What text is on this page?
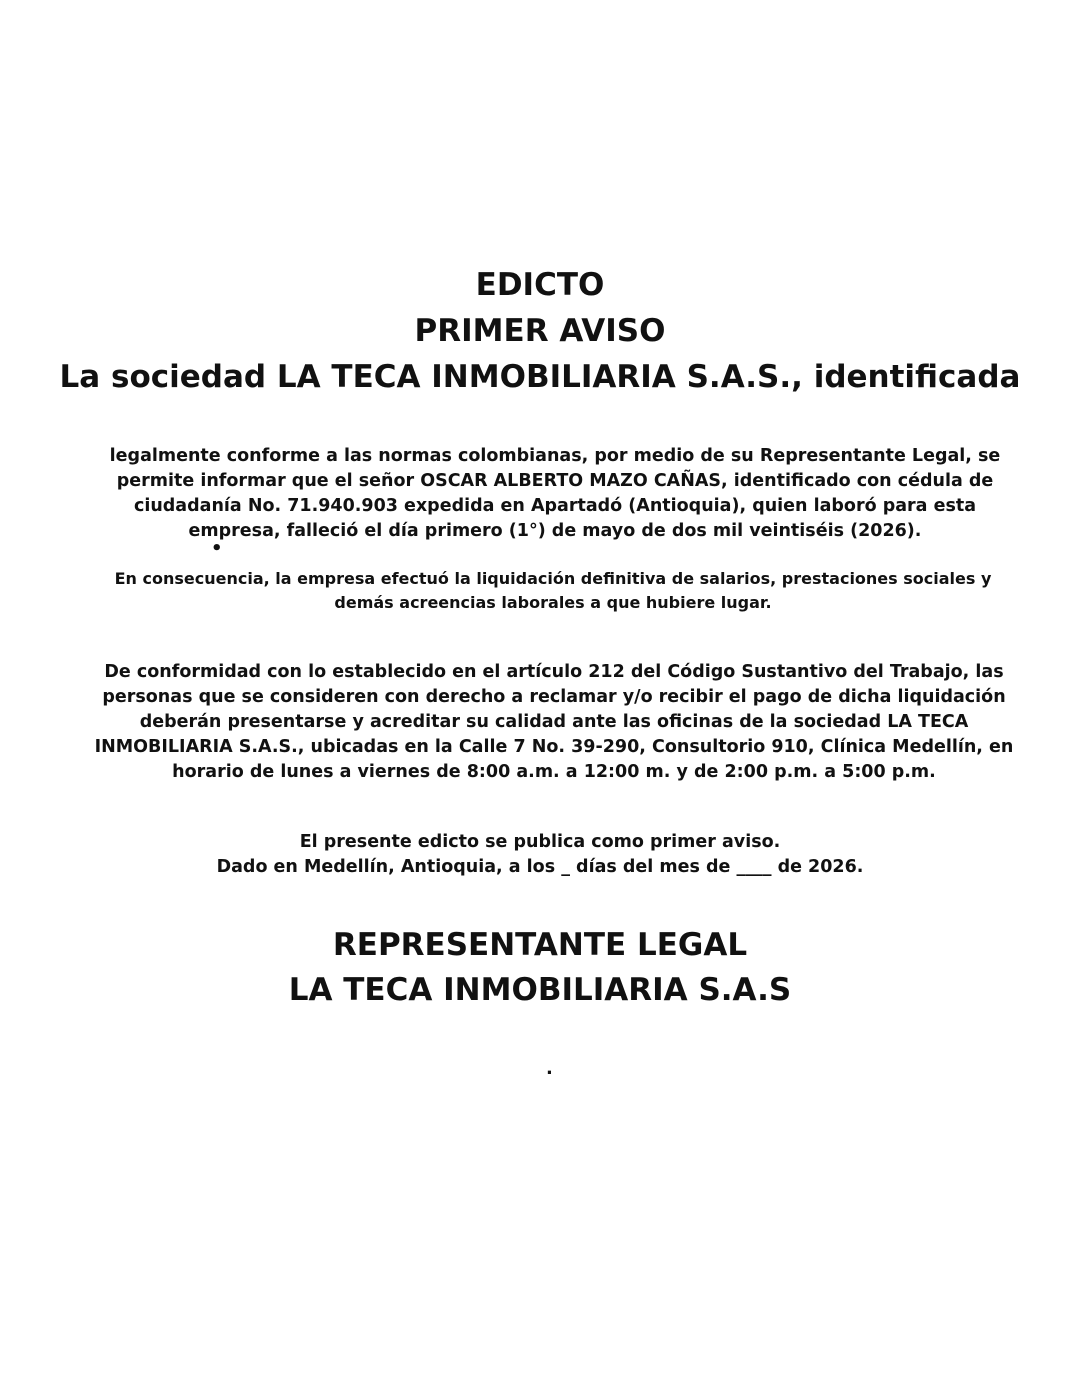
EDICTO
PRIMER AVISO
La sociedad LA TECA INMOBILIARIA S.A.S., identificada

legalmente conforme a las normas colombianas, por medio de su Representante Legal, se permite informar que el señor OSCAR ALBERTO MAZO CAÑAS, identificado con cédula de ciudadanía No. 71.940.903 expedida en Apartadó (Antioquia), quien laboró para esta empresa, falleció el día primero (1°) de mayo de dos mil veintiséis (2026).

•

En consecuencia, la empresa efectuó la liquidación definitiva de salarios, prestaciones sociales y demás acreencias laborales a que hubiere lugar.

De conformidad con lo establecido en el artículo 212 del Código Sustantivo del Trabajo, las personas que se consideren con derecho a reclamar y/o recibir el pago de dicha liquidación deberán presentarse y acreditar su calidad ante las oficinas de la sociedad LA TECA INMOBILIARIA S.A.S., ubicadas en la Calle 7 No. 39-290, Consultorio 910, Clínica Medellín, en horario de lunes a viernes de 8:00 a.m. a 12:00 m. y de 2:00 p.m. a 5:00 p.m.

El presente edicto se publica como primer aviso.

Dado en Medellín, Antioquia, a los _ días del mes de ____ de 2026.

REPRESENTANTE LEGAL
LA TECA INMOBILIARIA S.A.S
.
